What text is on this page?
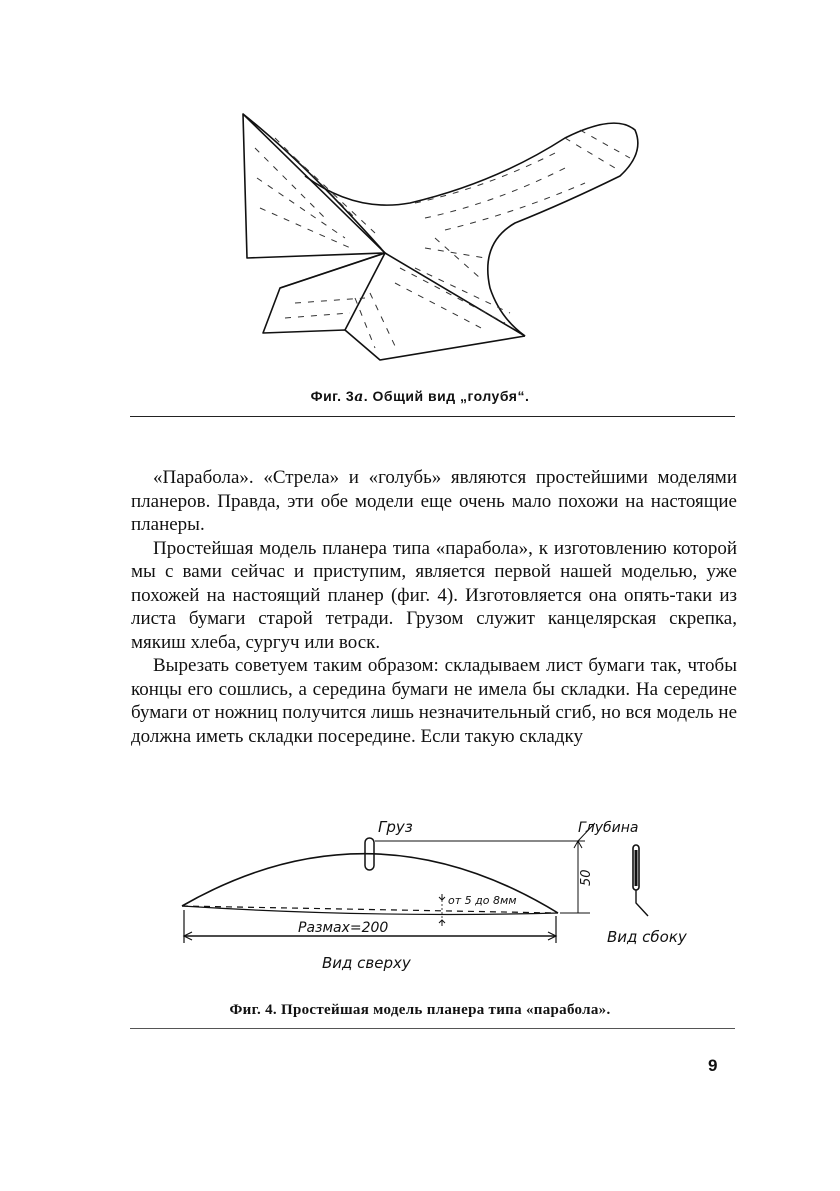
Фиг. 3а. Общий вид „голубя“.

«Парабола». «Стрела» и «голубь» являются простейшими моделями планеров. Правда, эти обе модели еще очень мало похожи на настоящие планеры.

Простейшая модель планера типа «парабола», к изготовлению которой мы с вами сейчас и приступим, является первой нашей моделью, уже похожей на настоящий планер (фиг. 4). Изготовляется она опять-таки из листа бумаги старой тетради. Грузом служит канцелярская скрепка, мякиш хлеба, сургуч или воск.

Вырезать советуем таким образом: складываем лист бумаги так, чтобы концы его сошлись, а середина бумаги не имела бы складки. На середине бумаги от ножниц получится лишь незначительный сгиб, но вся модель не должна иметь складки посередине. Если такую складку

Груз	Глубина
50
от 5 до 8мм
Размах=200
Вид сверху
Вид сбоку
Фиг. 4. Простейшая модель планера типа «парабола».
9
